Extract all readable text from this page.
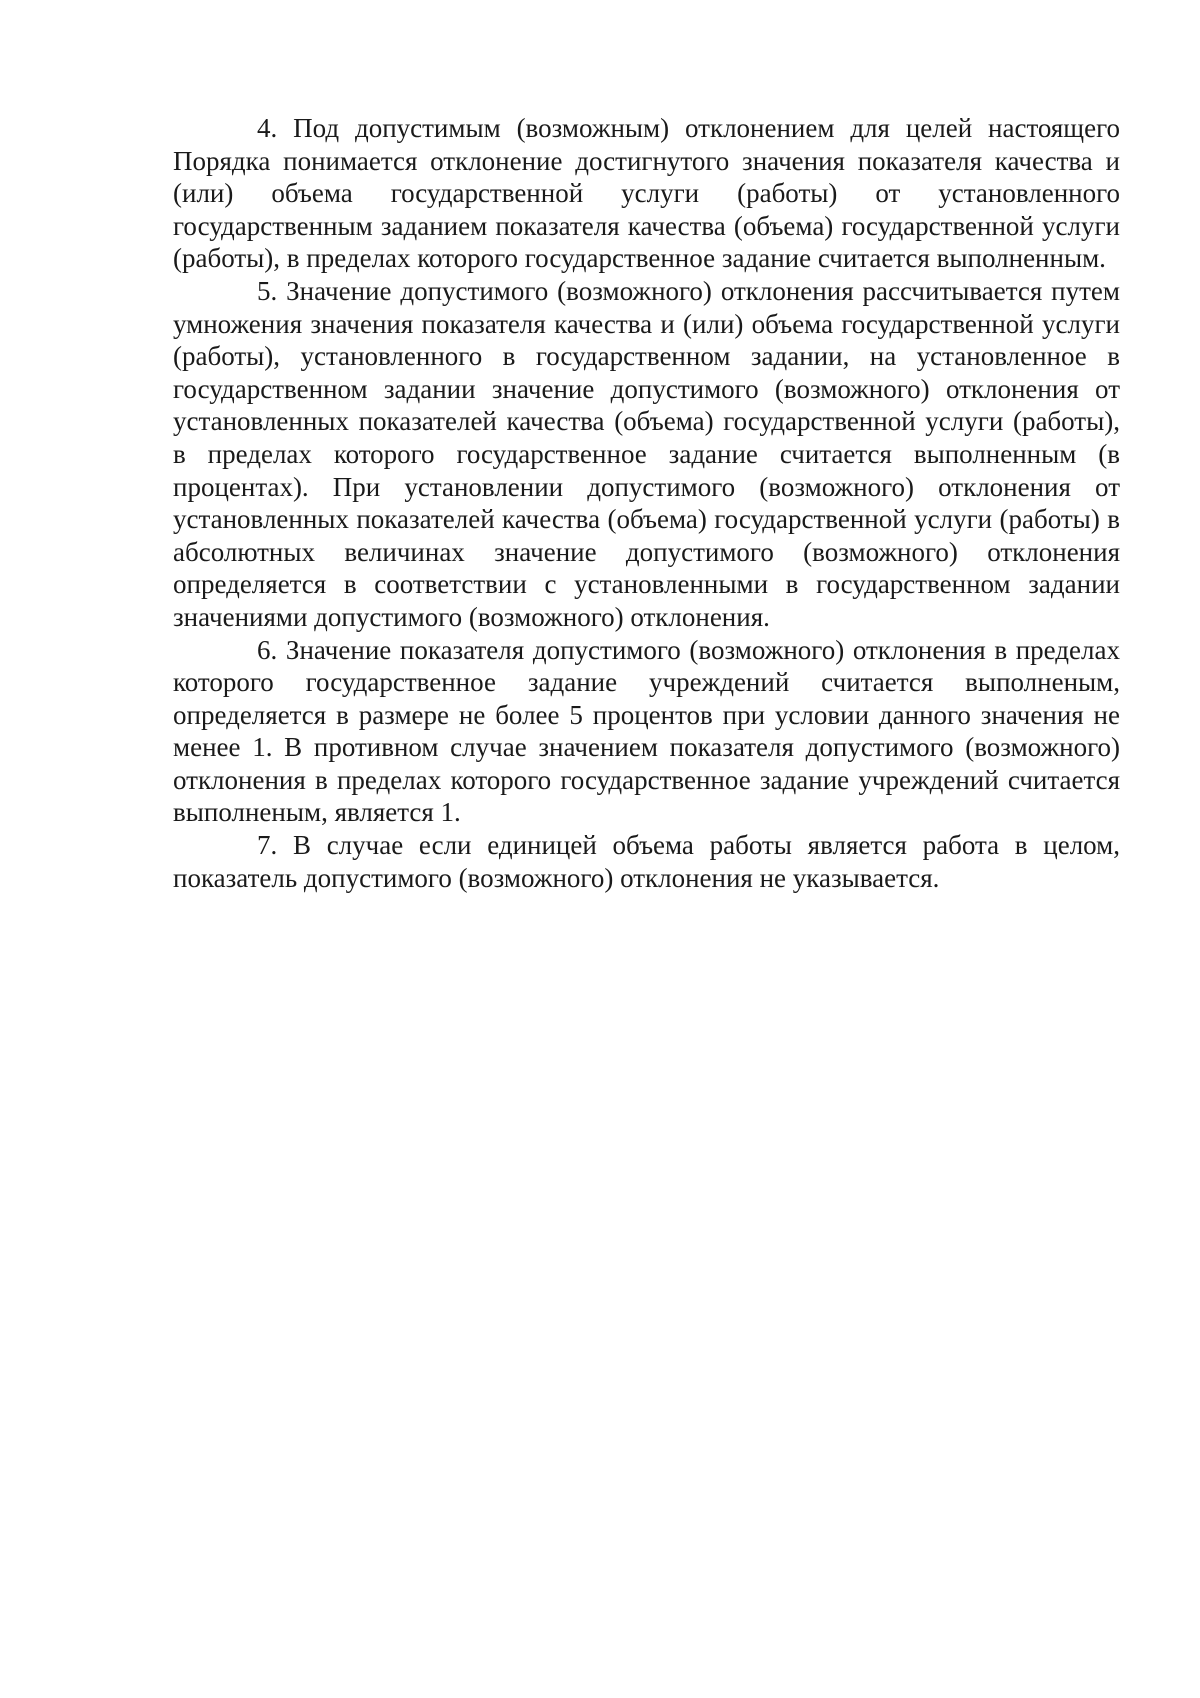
4. Под допустимым (возможным) отклонением для целей настоящего Порядка понимается отклонение достигнутого значения показателя качества и (или) объема государственной услуги (работы) от установленного государственным заданием показателя качества (объема) государственной услуги (работы), в пределах которого государственное задание считается выполненным.

5. Значение допустимого (возможного) отклонения рассчитывается путем умножения значения показателя качества и (или) объема государственной услуги (работы), установленного в государственном задании, на установленное в государственном задании значение допустимого (возможного) отклонения от установленных показателей качества (объема) государственной услуги (работы), в пределах которого государственное задание считается выполненным (в процентах). При установлении допустимого (возможного) отклонения от установленных показателей качества (объема) государственной услуги (работы) в абсолютных величинах значение допустимого (возможного) отклонения определяется в соответствии с установленными в государственном задании значениями допустимого (возможного) отклонения.

6. Значение показателя допустимого (возможного) отклонения в пределах которого государственное задание учреждений считается выполненым, определяется в размере не более 5 процентов при условии данного значения не менее 1. В противном случае значением показателя допустимого (возможного) отклонения в пределах которого государственное задание учреждений считается выполненым, является 1.

7. В случае если единицей объема работы является работа в целом, показатель допустимого (возможного) отклонения не указывается.
